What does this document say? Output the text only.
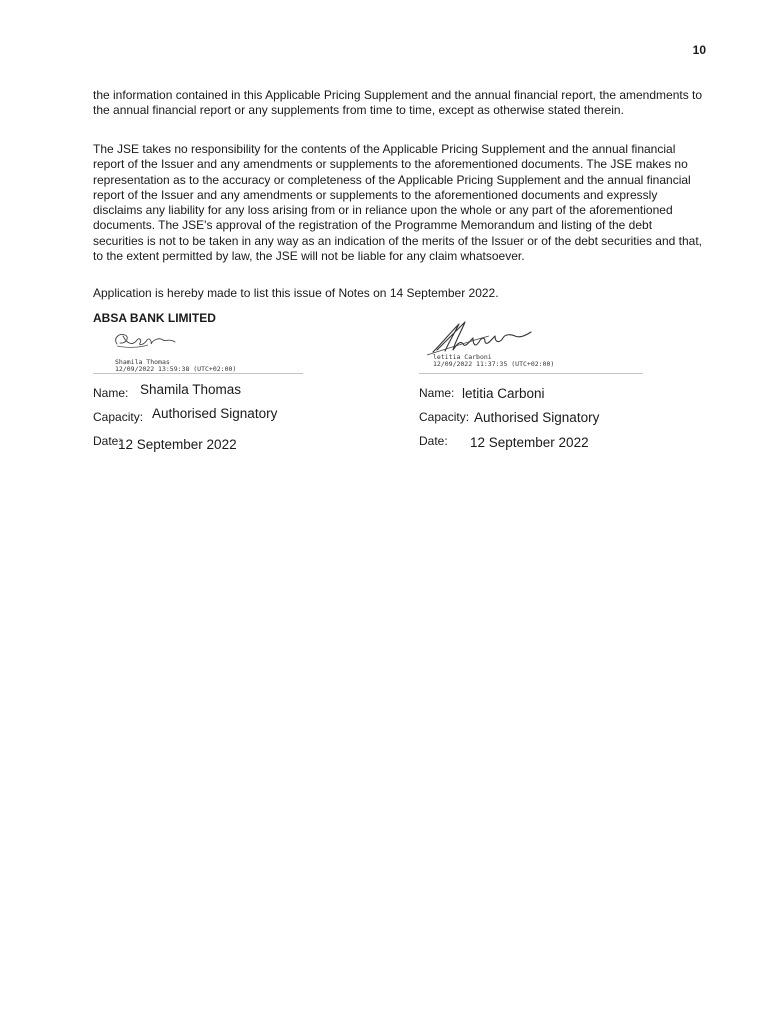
10

the information contained in this Applicable Pricing Supplement and the annual financial report, the amendments to the annual financial report or any supplements from time to time, except as otherwise stated therein.

The JSE takes no responsibility for the contents of the Applicable Pricing Supplement and the annual financial report of the Issuer and any amendments or supplements to the aforementioned documents. The JSE makes no representation as to the accuracy or completeness of the Applicable Pricing Supplement and the annual financial report of the Issuer and any amendments or supplements to the aforementioned documents and expressly disclaims any liability for any loss arising from or in reliance upon the whole or any part of the aforementioned documents. The JSE's approval of the registration of the Programme Memorandum and listing of the debt securities is not to be taken in any way as an indication of the merits of the Issuer or of the debt securities and that, to the extent permitted by law, the JSE will not be liable for any claim whatsoever.

Application is hereby made to list this issue of Notes on 14 September 2022.

ABSA BANK LIMITED
Shamila Thomas
12/09/2022 13:59:38 (UTC+02:00)
Name: Shamila Thomas
Capacity: Authorised Signatory
Date:
12 September 2022
letitia Carboni
12/09/2022 11:37:35 (UTC+02:00)
Name: letitia Carboni
Capacity: Authorised Signatory
Date: 12 September 2022
